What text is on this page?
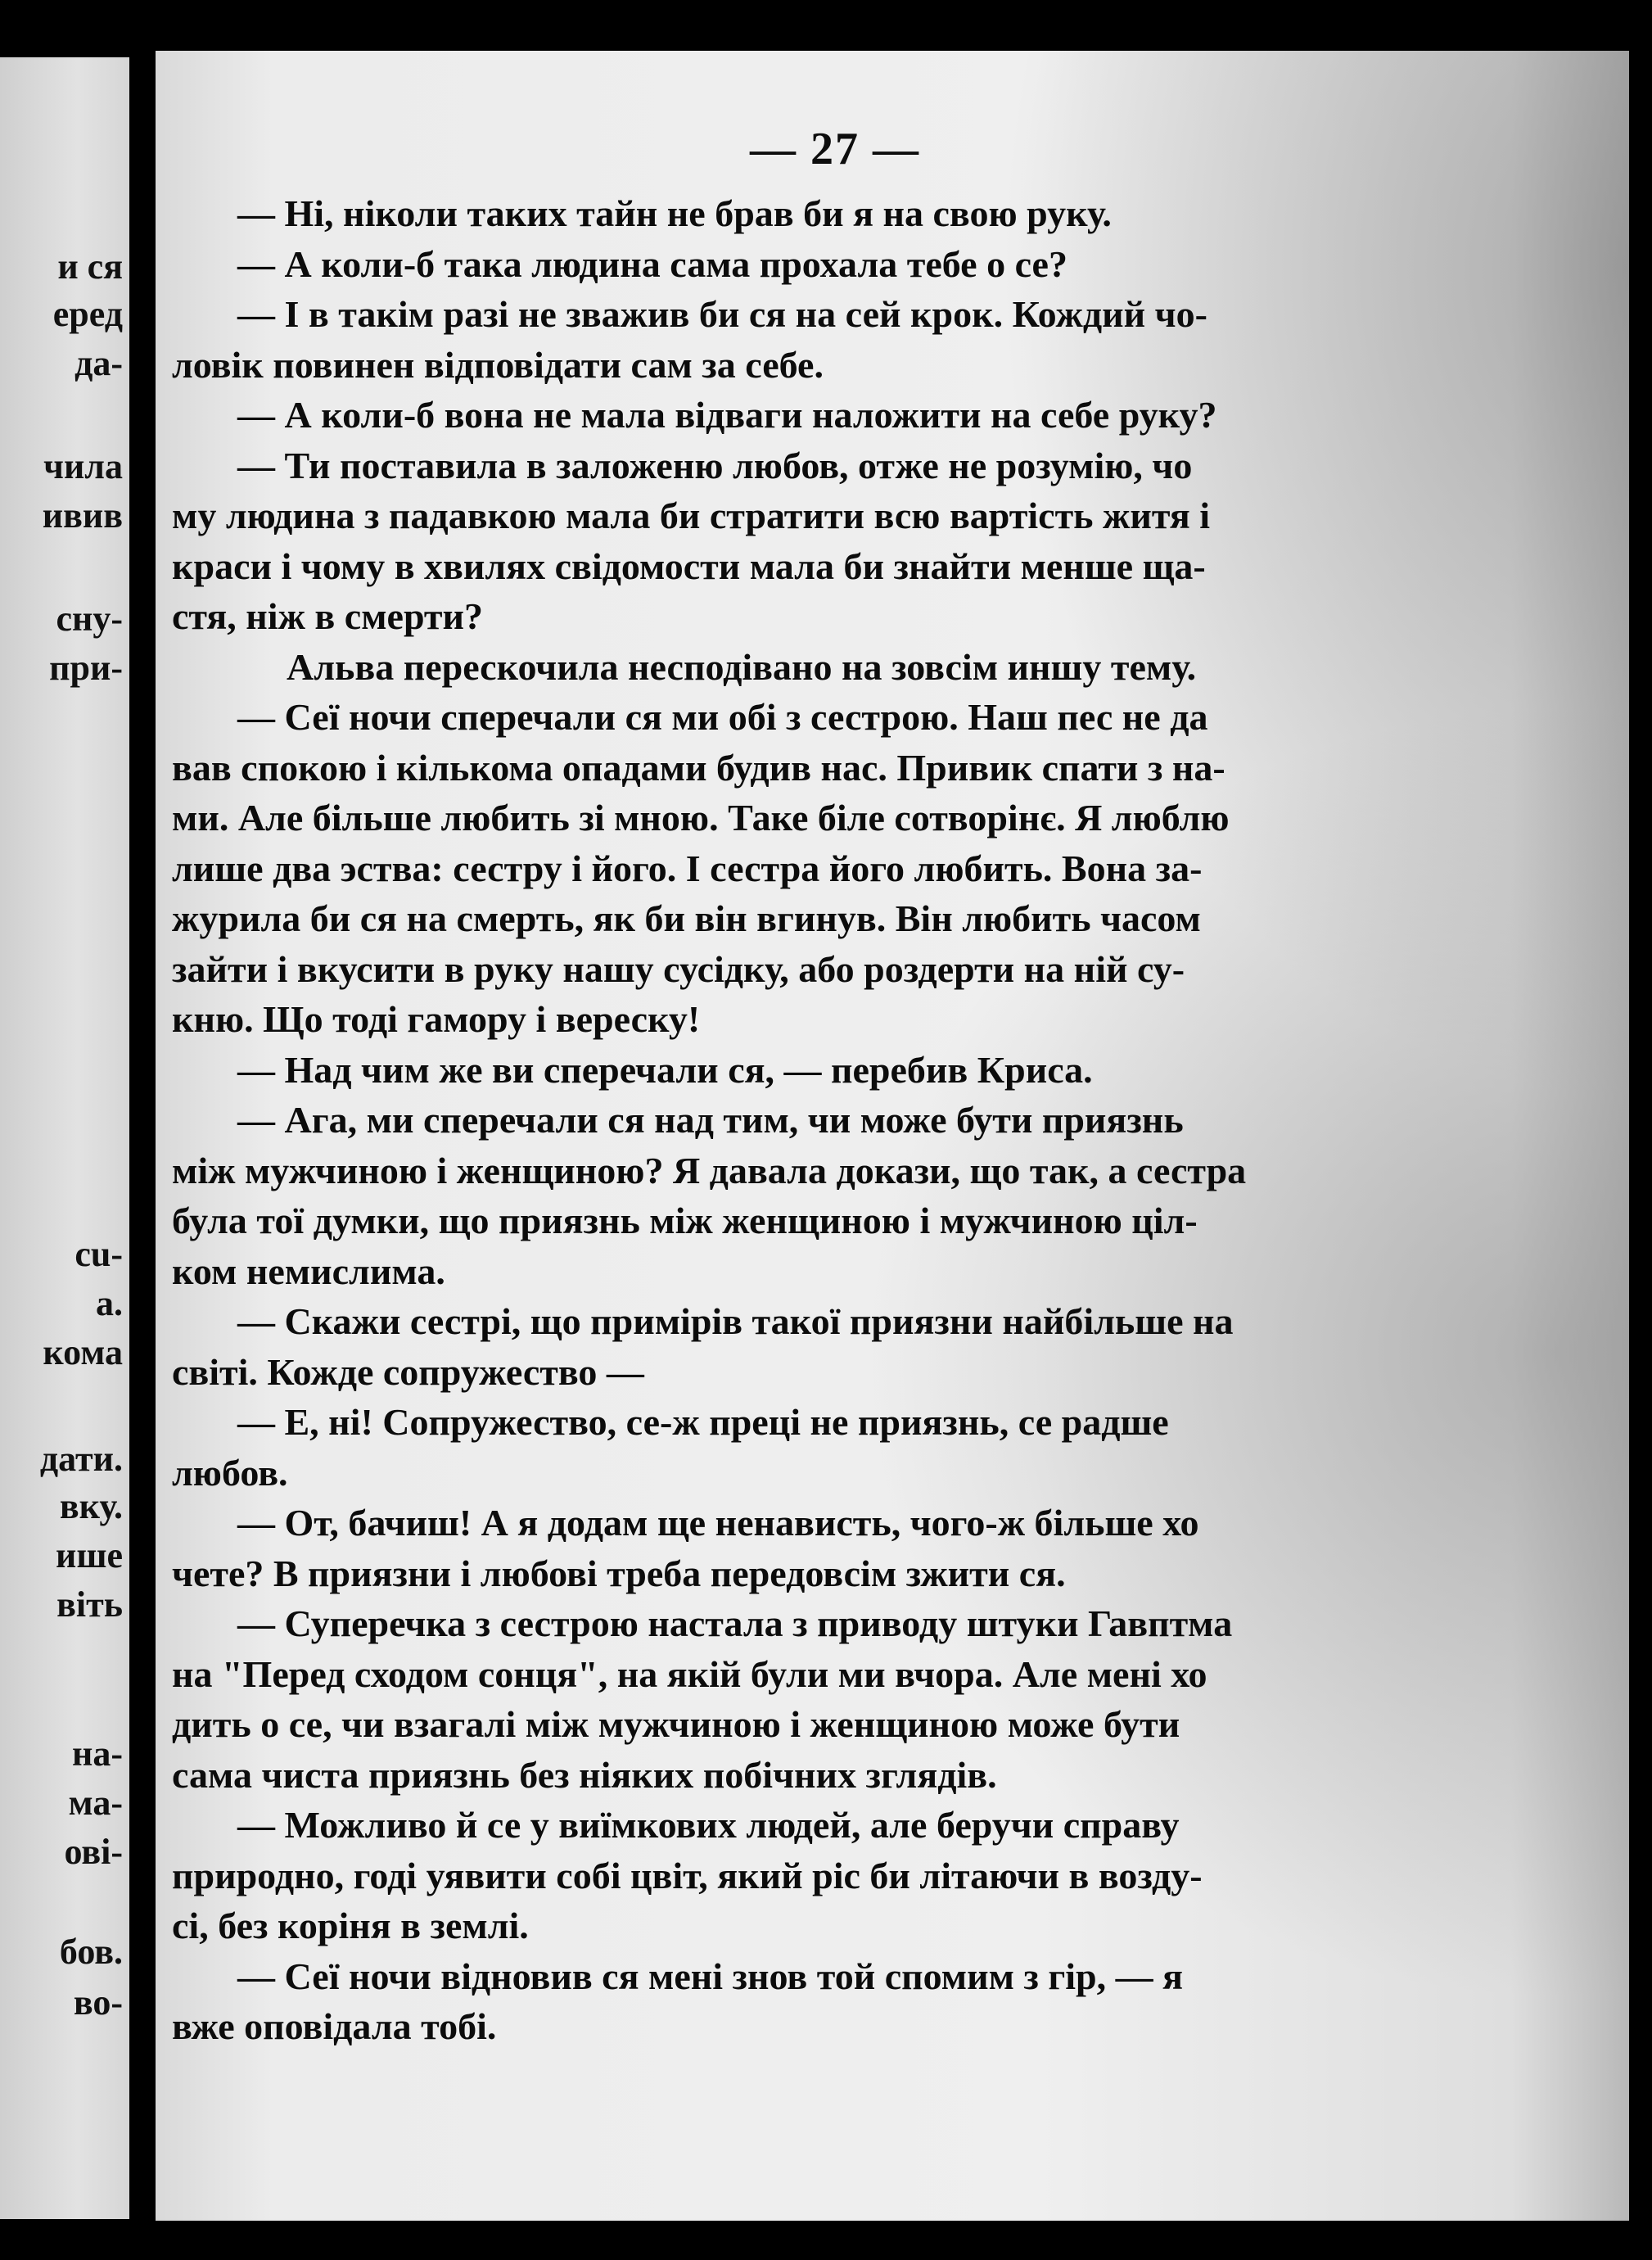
и ся
еред
да-
чила
ивив
сну-
при-
сu-
а.
кома
дати.
вку.
ише
віть
на-
ма-
ові-
бов.
во-
— 27 —
— Ні, ніколи таких тайн не брав би я на свою руку.
— А коли-б така людина сама прохала тебе о се?
— І в такім разі не зважив би ся на сей крок. Кождий чо-
ловік повинен відповідати сам за себе.
— А коли-б вона не мала відваги наложити на себе руку?
— Ти поставила в заложеню любов, отже не розумію, чо
му людина з падавкою мала би стратити всю вартість житя і
краси і чому в хвилях свідомости мала би знайти менше ща-
стя, ніж в смерти?
Альва перескочила несподівано на зовсім иншу тему.
— Сеї ночи сперечали ся ми обі з сестрою. Наш пес не да
вав спокою і кількома опадами будив нас. Привик спати з на-
ми. Але більше любить зі мною. Таке біле сотворінє. Я люблю
лише два эства: сестру і його. І сестра його любить. Вона за-
журила би ся на смерть, як би він вгинув. Він любить часом
зайти і вкусити в руку нашу сусідку, або роздерти на ній су-
кню. Що тоді гамору і вереску!
— Над чим же ви сперечали ся, — перебив Криса.
— Ага, ми сперечали ся над тим, чи може бути приязнь
між мужчиною і женщиною? Я давала докази, що так, а сестра
була тої думки, що приязнь між женщиною і мужчиною ціл-
ком немислима.
— Скажи сестрі, що примірів такої приязни найбільше на
світі. Кожде сопружество —
— Е, ні! Сопружество, се-ж преці не приязнь, се радше
любов.
— От, бачиш! А я додам ще ненависть, чого-ж більше хо
чете? В приязни і любові треба передовсім зжити ся.
— Суперечка з сестрою настала з приводу штуки Гавптма
на "Перед сходом сонця", на якій були ми вчора. Але мені хо
дить о се, чи взагалі між мужчиною і женщиною може бути
сама чиста приязнь без ніяких побічних зглядів.
— Можливо й се у виїмкових людей, але беручи справу
природно, годі уявити собі цвіт, який ріс би літаючи в возду-
сі, без коріня в землі.
— Сеї ночи відновив ся мені знов той спомим з гір, — я
вже оповідала тобі.
